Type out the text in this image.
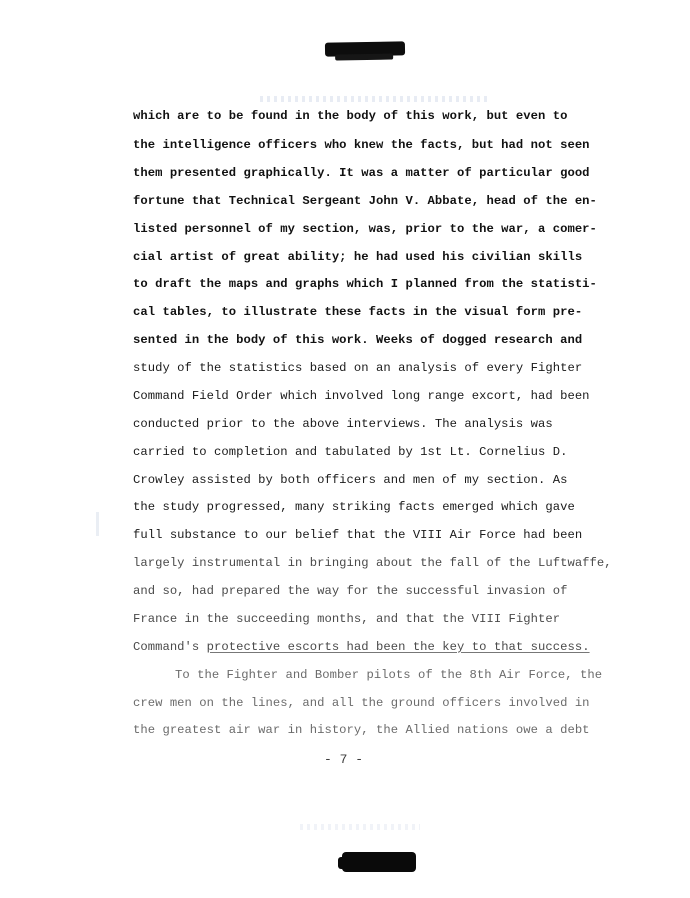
which are to be found in the body of this work, but even to
the intelligence officers who knew the facts, but had not seen
them presented graphically. It was a matter of particular good
fortune that Technical Sergeant John V. Abbate, head of the en-
listed personnel of my section, was, prior to the war, a comer-
cial artist of great ability; he had used his civilian skills
to draft the maps and graphs which I planned from the statisti-
cal tables, to illustrate these facts in the visual form pre-
sented in the body of this work. Weeks of dogged research and
study of the statistics based on an analysis of every Fighter
Command Field Order which involved long range excort, had been
conducted prior to the above interviews. The analysis was
carried to completion and tabulated by 1st Lt. Cornelius D.
Crowley assisted by both officers and men of my section. As
the study progressed, many striking facts emerged which gave
full substance to our belief that the VIII Air Force had been
largely instrumental in bringing about the fall of the Luftwaffe,
and so, had prepared the way for the successful invasion of
France in the succeeding months, and that the VIII Fighter
Command's protective escorts had been the key to that success.
To the Fighter and Bomber pilots of the 8th Air Force, the
crew men on the lines, and all the ground officers involved in
the greatest air war in history, the Allied nations owe a debt
- 7 -
